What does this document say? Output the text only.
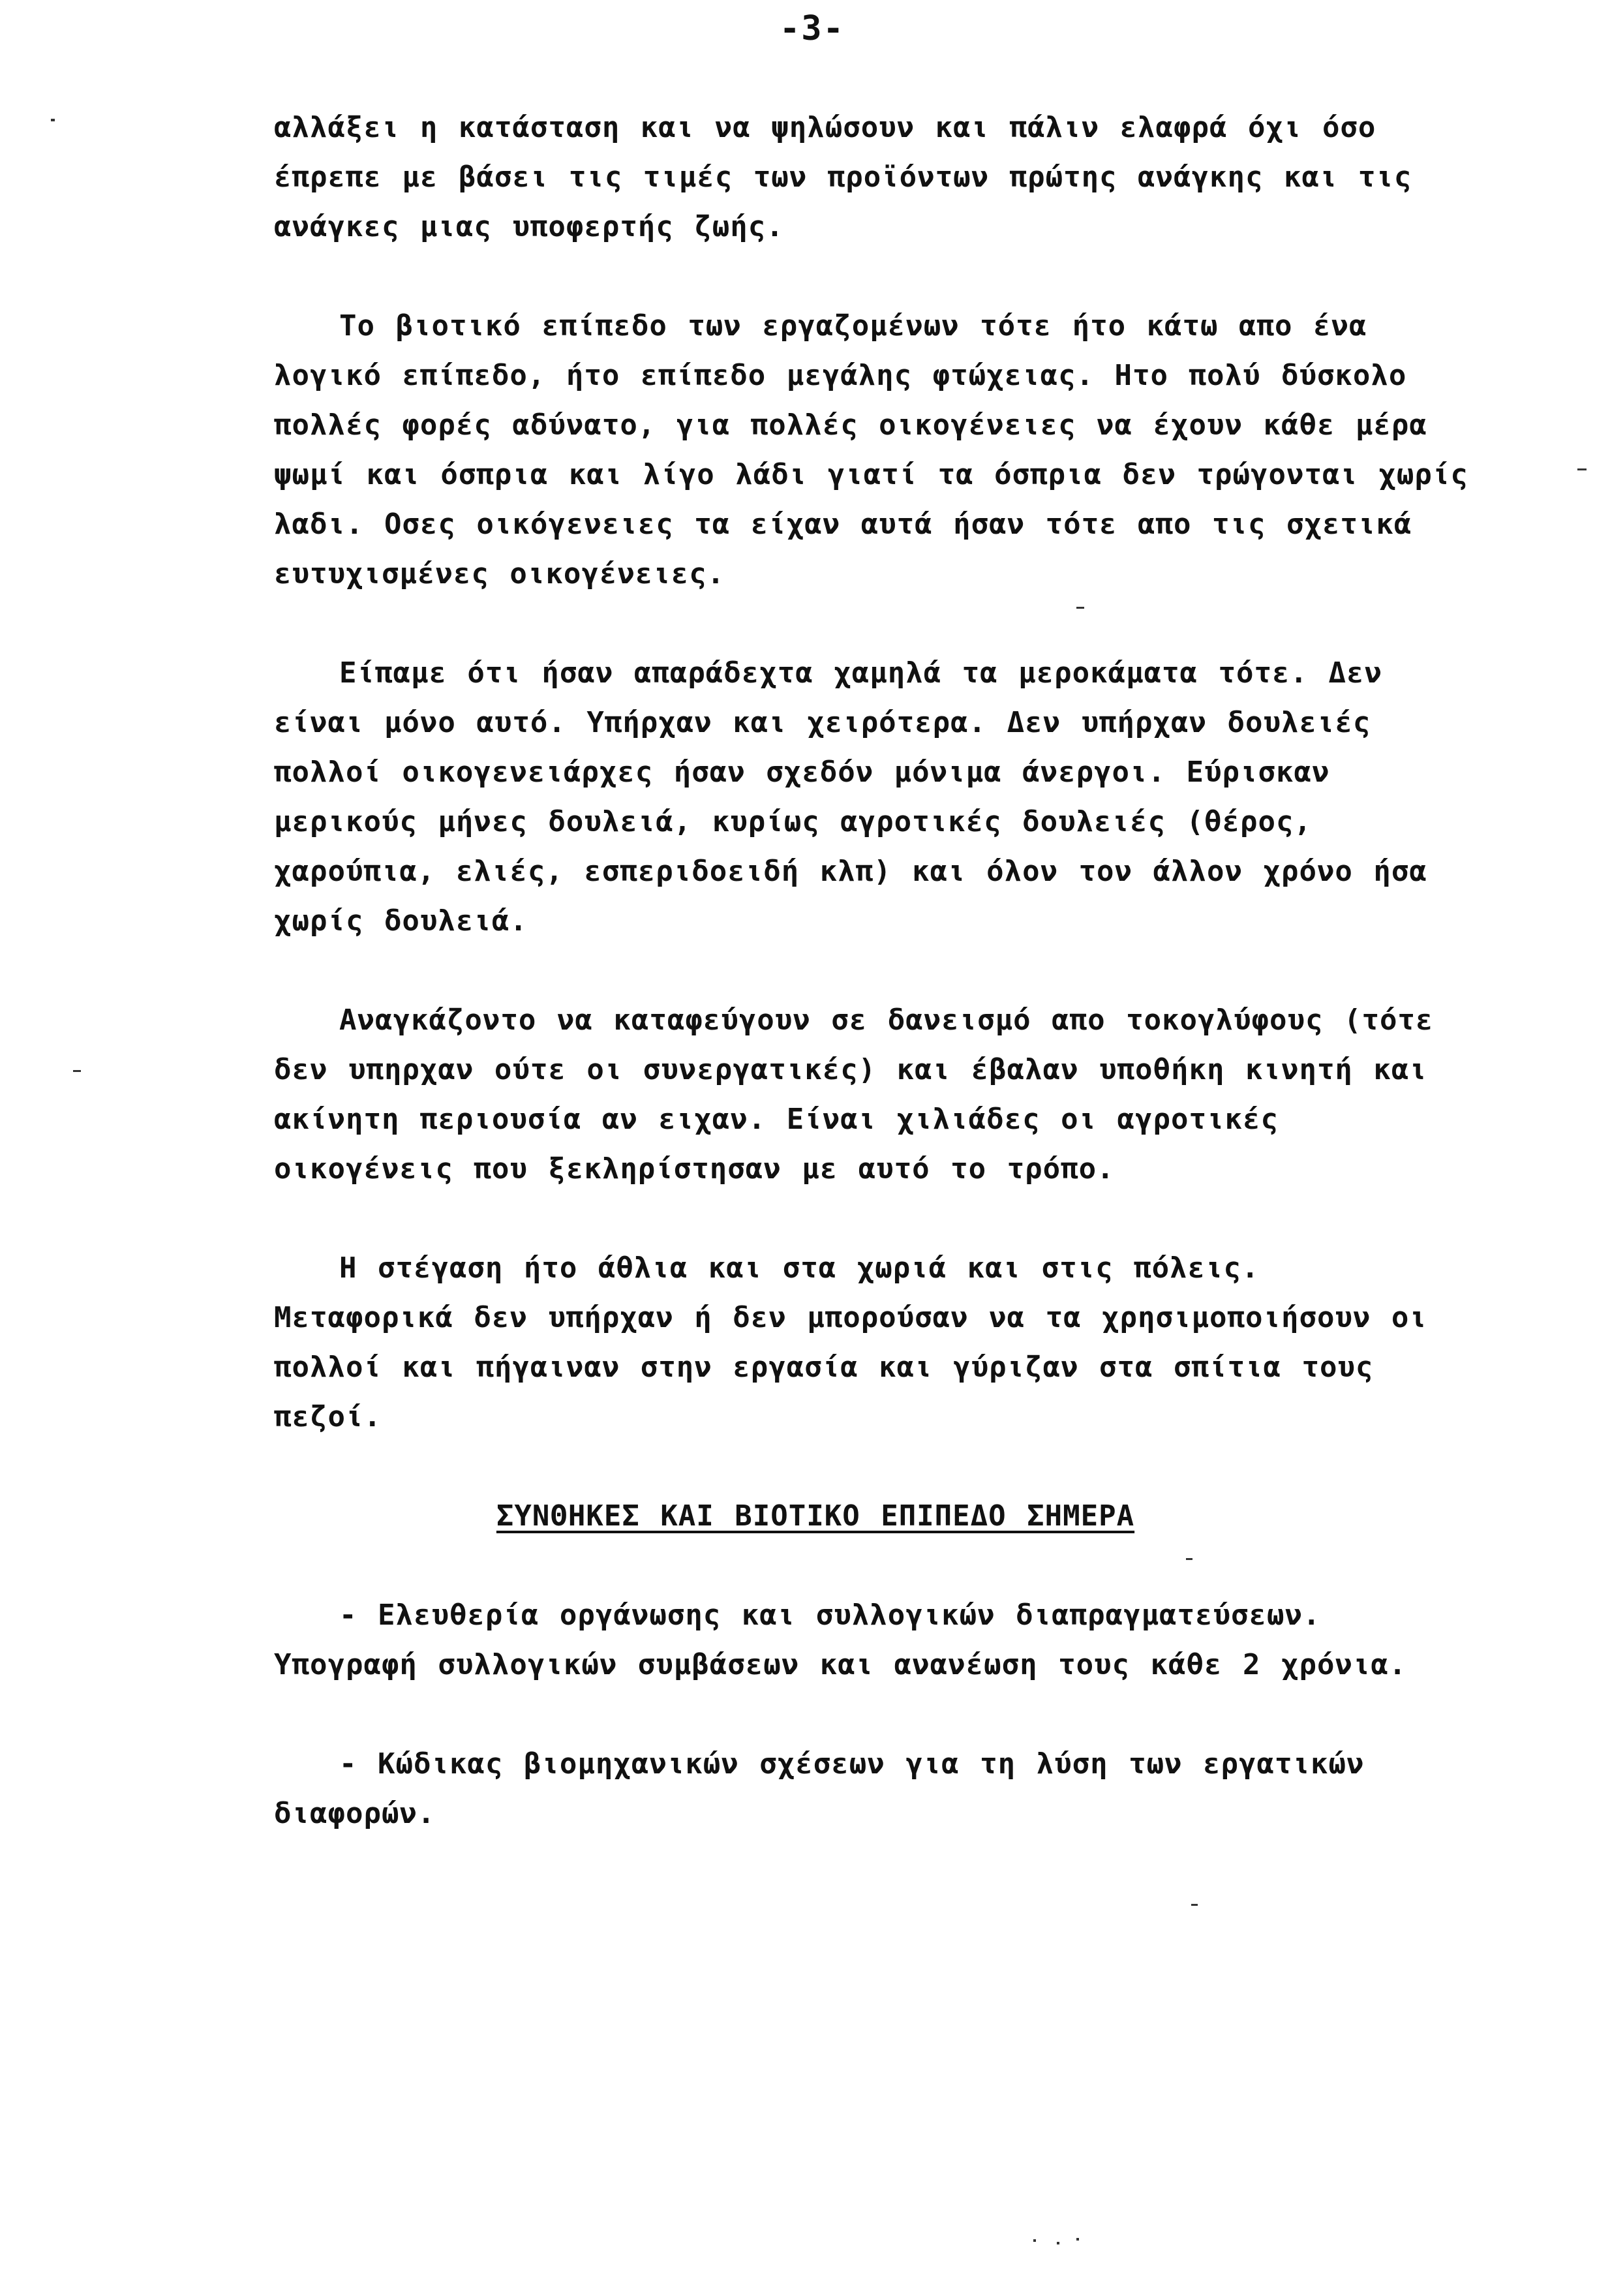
-3-
αλλάξει η κατάσταση και να ψηλώσουν και πάλιν ελαφρά όχι όσο
έπρεπε με βάσει τις τιμές των προϊόντων πρώτης ανάγκης και τις
ανάγκες μιας υποφερτής ζωής.
Το βιοτικό επίπεδο των εργαζομένων τότε ήτο κάτω απο ένα
λογικό επίπεδο, ήτο επίπεδο μεγάλης φτώχειας. Ητο πολύ δύσκολο
πολλές φορές αδύνατο, για πολλές οικογένειες να έχουν κάθε μέρα
ψωμί και όσπρια και λίγο λάδι γιατί τα όσπρια δεν τρώγονται χωρίς
λαδι. Οσες οικόγενειες τα είχαν αυτά ήσαν τότε απο τις σχετικά
ευτυχισμένες οικογένειες.
Είπαμε ότι ήσαν απαράδεχτα χαμηλά τα μεροκάματα τότε. Δεν
είναι μόνο αυτό. Υπήρχαν και χειρότερα. Δεν υπήρχαν δουλειές
πολλοί οικογενειάρχες ήσαν σχεδόν μόνιμα άνεργοι. Εύρισκαν
μερικούς μήνες δουλειά, κυρίως αγροτικές δουλειές (θέρος,
χαρούπια, ελιές, εσπεριδοειδή κλπ) και όλον τον άλλον χρόνο ήσα
χωρίς δουλειά.
Αναγκάζοντο να καταφεύγουν σε δανεισμό απο τοκογλύφους (τότε
δεν υπηρχαν ούτε οι συνεργατικές) και έβαλαν υποθήκη κινητή και
ακίνητη περιουσία αν ειχαν. Είναι χιλιάδες οι αγροτικές
οικογένεις που ξεκληρίστησαν με αυτό το τρόπο.
Η στέγαση ήτο άθλια και στα χωριά και στις πόλεις.
Μεταφορικά δεν υπήρχαν ή δεν μπορούσαν να τα χρησιμοποιήσουν οι
πολλοί και πήγαιναν στην εργασία και γύριζαν στα σπίτια τους
πεζοί.
ΣΥΝΘΗΚΕΣ ΚΑΙ ΒΙΟΤΙΚΟ ΕΠΙΠΕΔΟ ΣΗΜΕΡΑ
- Ελευθερία οργάνωσης και συλλογικών διαπραγματεύσεων.
Υπογραφή συλλογικών συμβάσεων και ανανέωση τους κάθε 2 χρόνια.
- Κώδικας βιομηχανικών σχέσεων για τη λύση των εργατικών
διαφορών.
